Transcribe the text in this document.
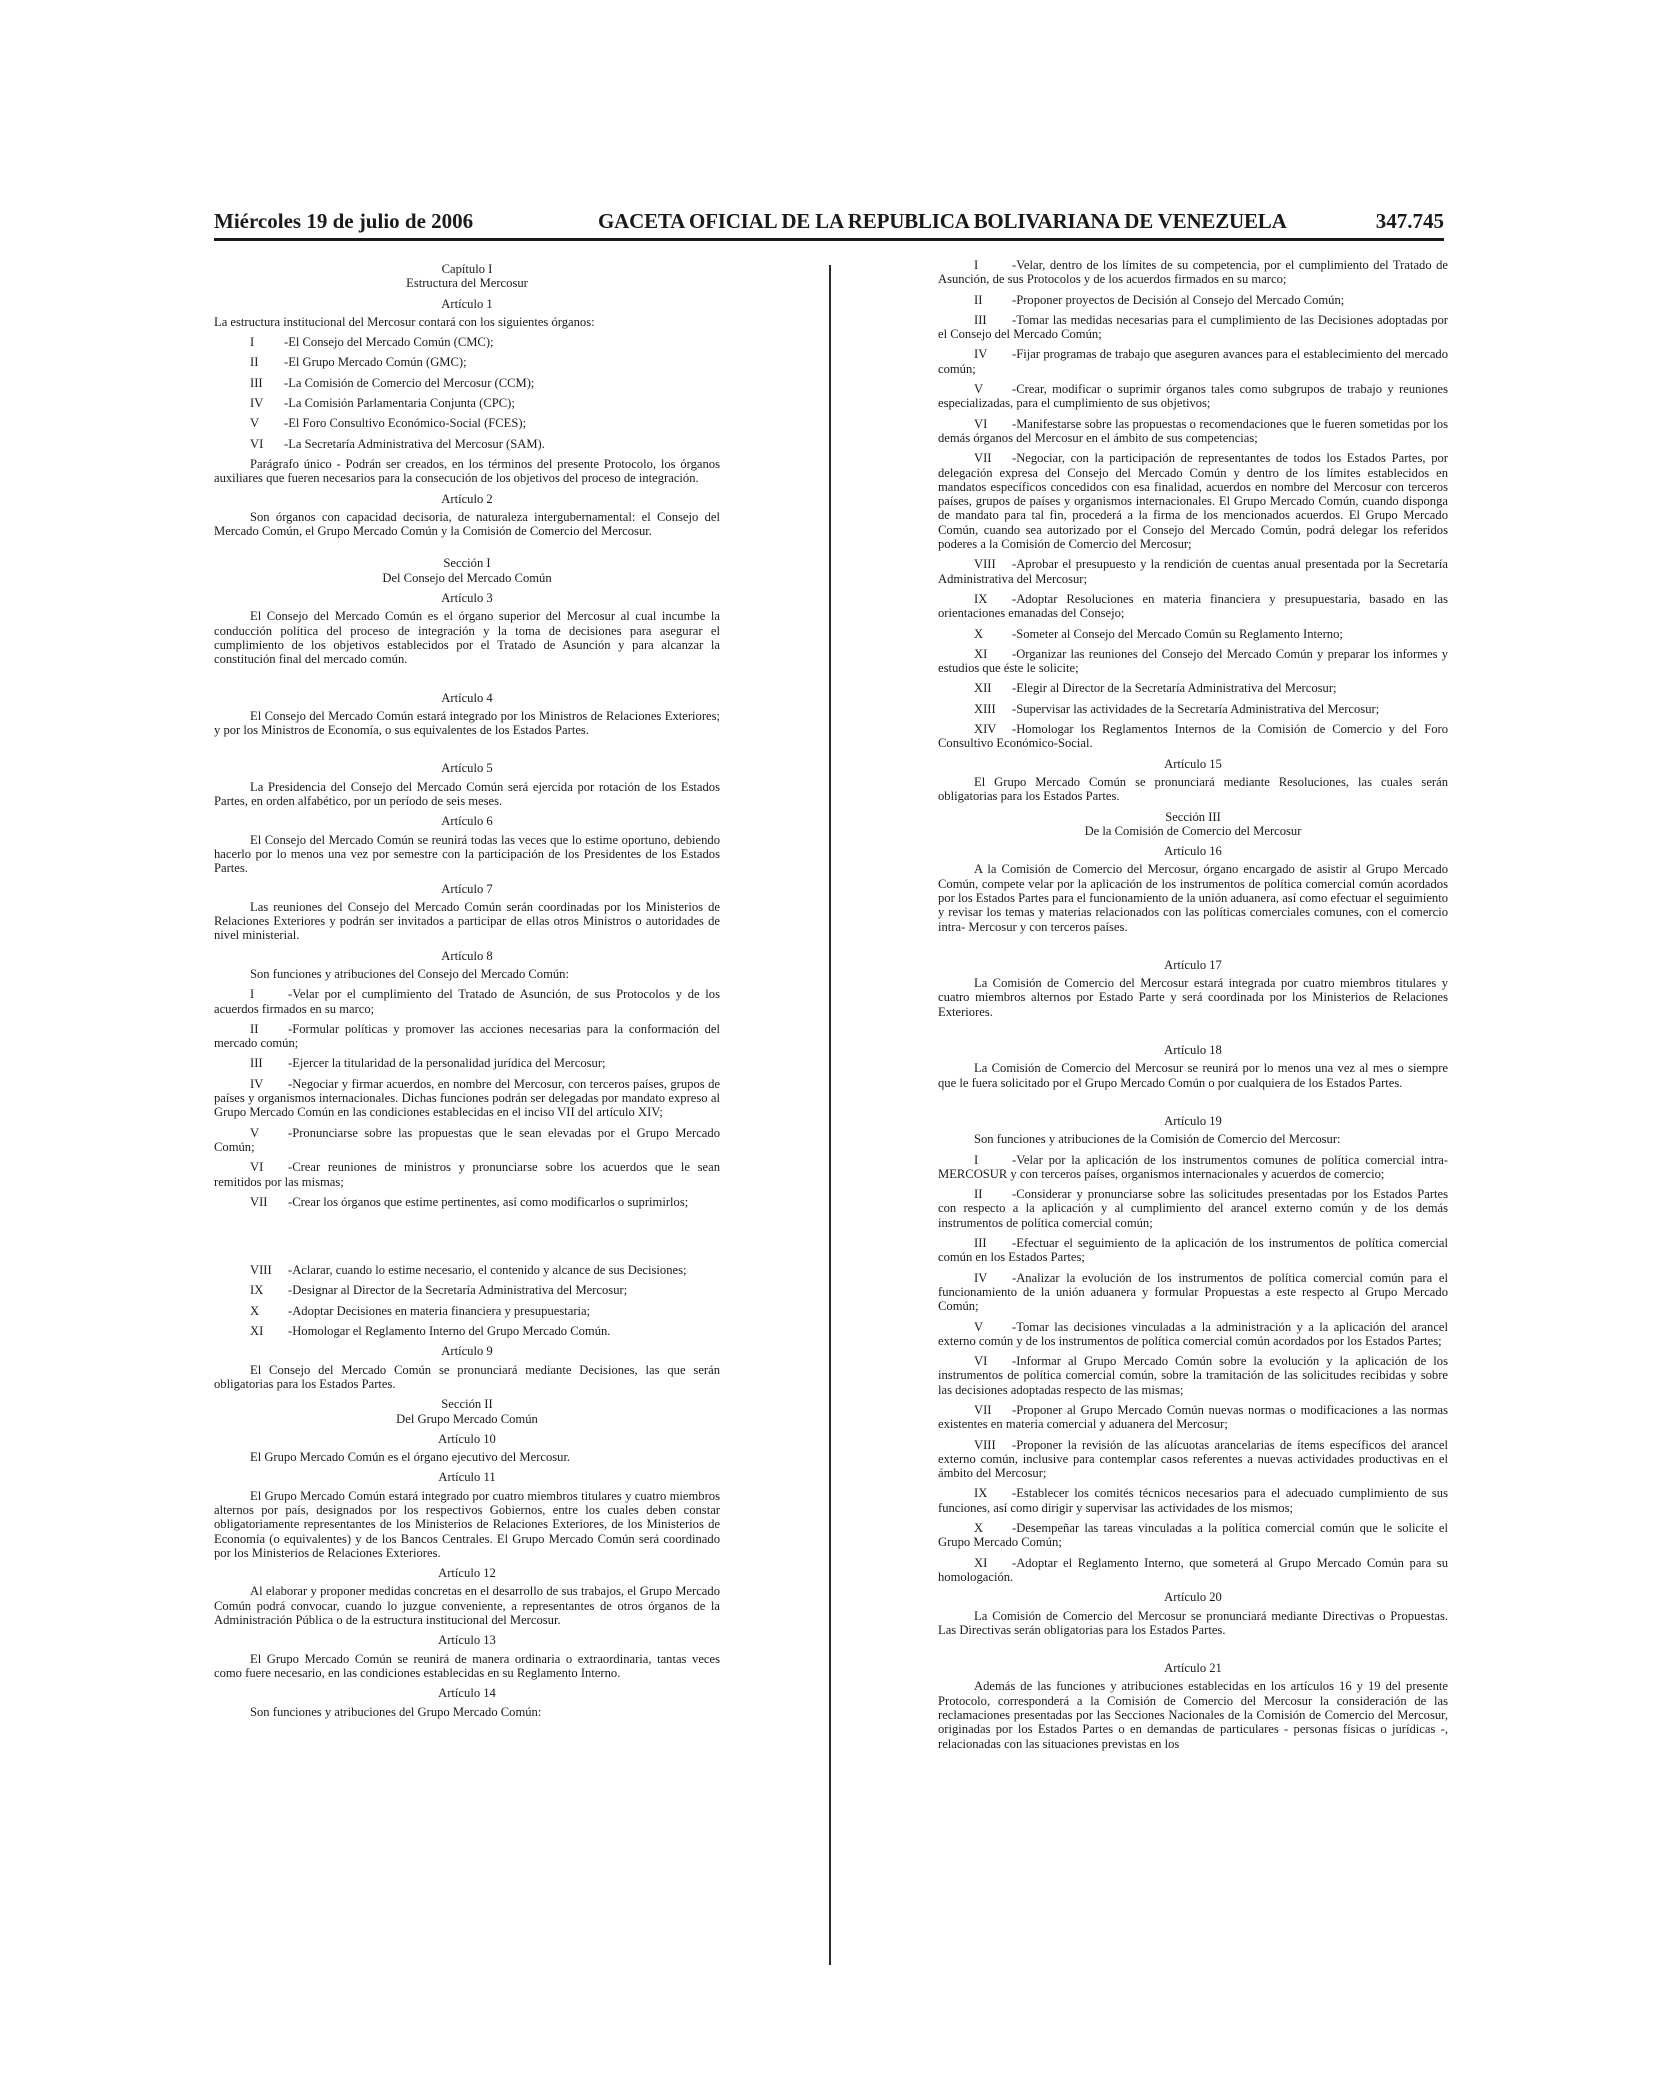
Miércoles 19 de julio de 2006	GACETA OFICIAL DE LA REPUBLICA BOLIVARIANA DE VENEZUELA	347.745
Capítulo I
Estructura del Mercosur
Artículo 1
La estructura institucional del Mercosur contará con los siguientes órganos:
I -El Consejo del Mercado Común (CMC);
II -El Grupo Mercado Común (GMC);
III -La Comisión de Comercio del Mercosur (CCM);
IV -La Comisión Parlamentaria Conjunta (CPC);
V -El Foro Consultivo Económico-Social (FCES);
VI -La Secretaría Administrativa del Mercosur (SAM).
Parágrafo único - Podrán ser creados, en los términos del presente Protocolo, los órganos auxiliares que fueren necesarios para la consecución de los objetivos del proceso de integración.
Artículo 2
Son órganos con capacidad decisoria, de naturaleza intergubernamental: el Consejo del Mercado Común, el Grupo Mercado Común y la Comisión de Comercio del Mercosur.
Sección I
Del Consejo del Mercado Común
Artículo 3
El Consejo del Mercado Común es el órgano superior del Mercosur al cual incumbe la conducción política del proceso de integración y la toma de decisiones para asegurar el cumplimiento de los objetivos establecidos por el Tratado de Asunción y para alcanzar la constitución final del mercado común.
Artículo 4
El Consejo del Mercado Común estará integrado por los Ministros de Relaciones Exteriores; y por los Ministros de Economía, o sus equivalentes de los Estados Partes.
Artículo 5
La Presidencia del Consejo del Mercado Común será ejercida por rotación de los Estados Partes, en orden alfabético, por un período de seis meses.
Artículo 6
El Consejo del Mercado Común se reunirá todas las veces que lo estime oportuno, debiendo hacerlo por lo menos una vez por semestre con la participación de los Presidentes de los Estados Partes.
Artículo 7
Las reuniones del Consejo del Mercado Común serán coordinadas por los Ministerios de Relaciones Exteriores y podrán ser invitados a participar de ellas otros Ministros o autoridades de nivel ministerial.
Artículo 8
Son funciones y atribuciones del Consejo del Mercado Común:
I	-Velar por el cumplimiento del Tratado de Asunción, de sus Protocolos y de los acuerdos firmados en su marco;
II -Formular políticas y promover las acciones necesarias para la conformación del mercado común;
III -Ejercer la titularidad de la personalidad jurídica del Mercosur;
IV -Negociar y firmar acuerdos, en nombre del Mercosur, con terceros países, grupos de países y organismos internacionales. Dichas funciones podrán ser delegadas por mandato expreso al Grupo Mercado Común en las condiciones establecidas en el inciso VII del artículo XIV;
V -Pronunciarse sobre las propuestas que le sean elevadas por el Grupo Mercado Común;
VI -Crear reuniones de ministros y pronunciarse sobre los acuerdos que le sean remitidos por las mismas;
VII -Crear los órganos que estime pertinentes, así como modificarlos o suprimirlos;
VIII -Aclarar, cuando lo estime necesario, el contenido y alcance de sus Decisiones;
IX -Designar al Director de la Secretaría Administrativa del Mercosur;
X -Adoptar Decisiones en materia financiera y presupuestaria;
XI -Homologar el Reglamento Interno del Grupo Mercado Común.
Artículo 9
El Consejo del Mercado Común se pronunciará mediante Decisiones, las que serán obligatorias para los Estados Partes.
Sección II
Del Grupo Mercado Común
Artículo 10
El Grupo Mercado Común es el órgano ejecutivo del Mercosur.
Artículo 11
El Grupo Mercado Común estará integrado por cuatro miembros titulares y cuatro miembros alternos por país, designados por los respectivos Gobiernos, entre los cuales deben constar obligatoriamente representantes de los Ministerios de Relaciones Exteriores, de los Ministerios de Economía (o equivalentes) y de los Bancos Centrales. El Grupo Mercado Común será coordinado por los Ministerios de Relaciones Exteriores.
Artículo 12
Al elaborar y proponer medidas concretas en el desarrollo de sus trabajos, el Grupo Mercado Común podrá convocar, cuando lo juzgue conveniente, a representantes de otros órganos de la Administración Pública o de la estructura institucional del Mercosur.
Artículo 13
El Grupo Mercado Común se reunirá de manera ordinaria o extraordinaria, tantas veces como fuere necesario, en las condiciones establecidas en su Reglamento Interno.
Artículo 14
Son funciones y atribuciones del Grupo Mercado Común:
I	-Velar, dentro de los límites de su competencia, por el cumplimiento del Tratado de Asunción, de sus Protocolos y de los acuerdos firmados en su marco;
II -Proponer proyectos de Decisión al Consejo del Mercado Común;
III -Tomar las medidas necesarias para el cumplimiento de las Decisiones adoptadas por el Consejo del Mercado Común;
IV -Fijar programas de trabajo que aseguren avances para el establecimiento del mercado común;
V -Crear, modificar o suprimir órganos tales como subgrupos de trabajo y reuniones especializadas, para el cumplimiento de sus objetivos;
VI -Manifestarse sobre las propuestas o recomendaciones que le fueren sometidas por los demás órganos del Mercosur en el ámbito de sus competencias;
VII -Negociar, con la participación de representantes de todos los Estados Partes, por delegación expresa del Consejo del Mercado Común y dentro de los límites establecidos en mandatos específicos concedidos con esa finalidad, acuerdos en nombre del Mercosur con terceros países, grupos de países y organismos internacionales. El Grupo Mercado Común, cuando disponga de mandato para tal fin, procederá a la firma de los mencionados acuerdos. El Grupo Mercado Común, cuando sea autorizado por el Consejo del Mercado Común, podrá delegar los referidos poderes a la Comisión de Comercio del Mercosur;
VIII -Aprobar el presupuesto y la rendición de cuentas anual presentada por la Secretaría Administrativa del Mercosur;
IX -Adoptar Resoluciones en materia financiera y presupuestaria, basado en las orientaciones emanadas del Consejo;
X -Someter al Consejo del Mercado Común su Reglamento Interno;
XI -Organizar las reuniones del Consejo del Mercado Común y preparar los informes y estudios que éste le solicite;
XII -Elegir al Director de la Secretaría Administrativa del Mercosur;
XIII -Supervisar las actividades de la Secretaría Administrativa del Mercosur;
XIV -Homologar los Reglamentos Internos de la Comisión de Comercio y del Foro Consultivo Económico-Social.
Artículo 15
El Grupo Mercado Común se pronunciará mediante Resoluciones, las cuales serán obligatorias para los Estados Partes.
Sección III
De la Comisión de Comercio del Mercosur
Artículo 16
A la Comisión de Comercio del Mercosur, órgano encargado de asistir al Grupo Mercado Común, compete velar por la aplicación de los instrumentos de política comercial común acordados por los Estados Partes para el funcionamiento de la unión aduanera, así como efectuar el seguimiento y revisar los temas y materias relacionados con las políticas comerciales comunes, con el comercio intra- Mercosur y con terceros países.
Artículo 17
La Comisión de Comercio del Mercosur estará integrada por cuatro miembros titulares y cuatro miembros alternos por Estado Parte y será coordinada por los Ministerios de Relaciones Exteriores.
Artículo 18
La Comisión de Comercio del Mercosur se reunirá por lo menos una vez al mes o siempre que le fuera solicitado por el Grupo Mercado Común o por cualquiera de los Estados Partes.
Artículo 19
Son funciones y atribuciones de la Comisión de Comercio del Mercosur:
I	-Velar por la aplicación de los instrumentos comunes de política comercial intra-MERCOSUR y con terceros países, organismos internacionales y acuerdos de comercio;
II -Considerar y pronunciarse sobre las solicitudes presentadas por los Estados Partes con respecto a la aplicación y al cumplimiento del arancel externo común y de los demás instrumentos de política comercial común;
III -Efectuar el seguimiento de la aplicación de los instrumentos de política comercial común en los Estados Partes;
IV -Analizar la evolución de los instrumentos de política comercial común para el funcionamiento de la unión aduanera y formular Propuestas a este respecto al Grupo Mercado Común;
V -Tomar las decisiones vinculadas a la administración y a la aplicación del arancel externo común y de los instrumentos de política comercial común acordados por los Estados Partes;
VI -Informar al Grupo Mercado Común sobre la evolución y la aplicación de los instrumentos de política comercial común, sobre la tramitación de las solicitudes recibidas y sobre las decisiones adoptadas respecto de las mismas;
VII -Proponer al Grupo Mercado Común nuevas normas o modificaciones a las normas existentes en materia comercial y aduanera del Mercosur;
VIII -Proponer la revisión de las alícuotas arancelarias de ítems específicos del arancel externo común, inclusive para contemplar casos referentes a nuevas actividades productivas en el ámbito del Mercosur;
IX -Establecer los comités técnicos necesarios para el adecuado cumplimiento de sus funciones, así como dirigir y supervisar las actividades de los mismos;
X -Desempeñar las tareas vinculadas a la política comercial común que le solicite el Grupo Mercado Común;
XI -Adoptar el Reglamento Interno, que someterá al Grupo Mercado Común para su homologación.
Artículo 20
La Comisión de Comercio del Mercosur se pronunciará mediante Directivas o Propuestas. Las Directivas serán obligatorias para los Estados Partes.
Artículo 21
Además de las funciones y atribuciones establecidas en los artículos 16 y 19 del presente Protocolo, corresponderá a la Comisión de Comercio del Mercosur la consideración de las reclamaciones presentadas por las Secciones Nacionales de la Comisión de Comercio del Mercosur, originadas por los Estados Partes o en demandas de particulares - personas físicas o jurídicas -, relacionadas con las situaciones previstas en los
